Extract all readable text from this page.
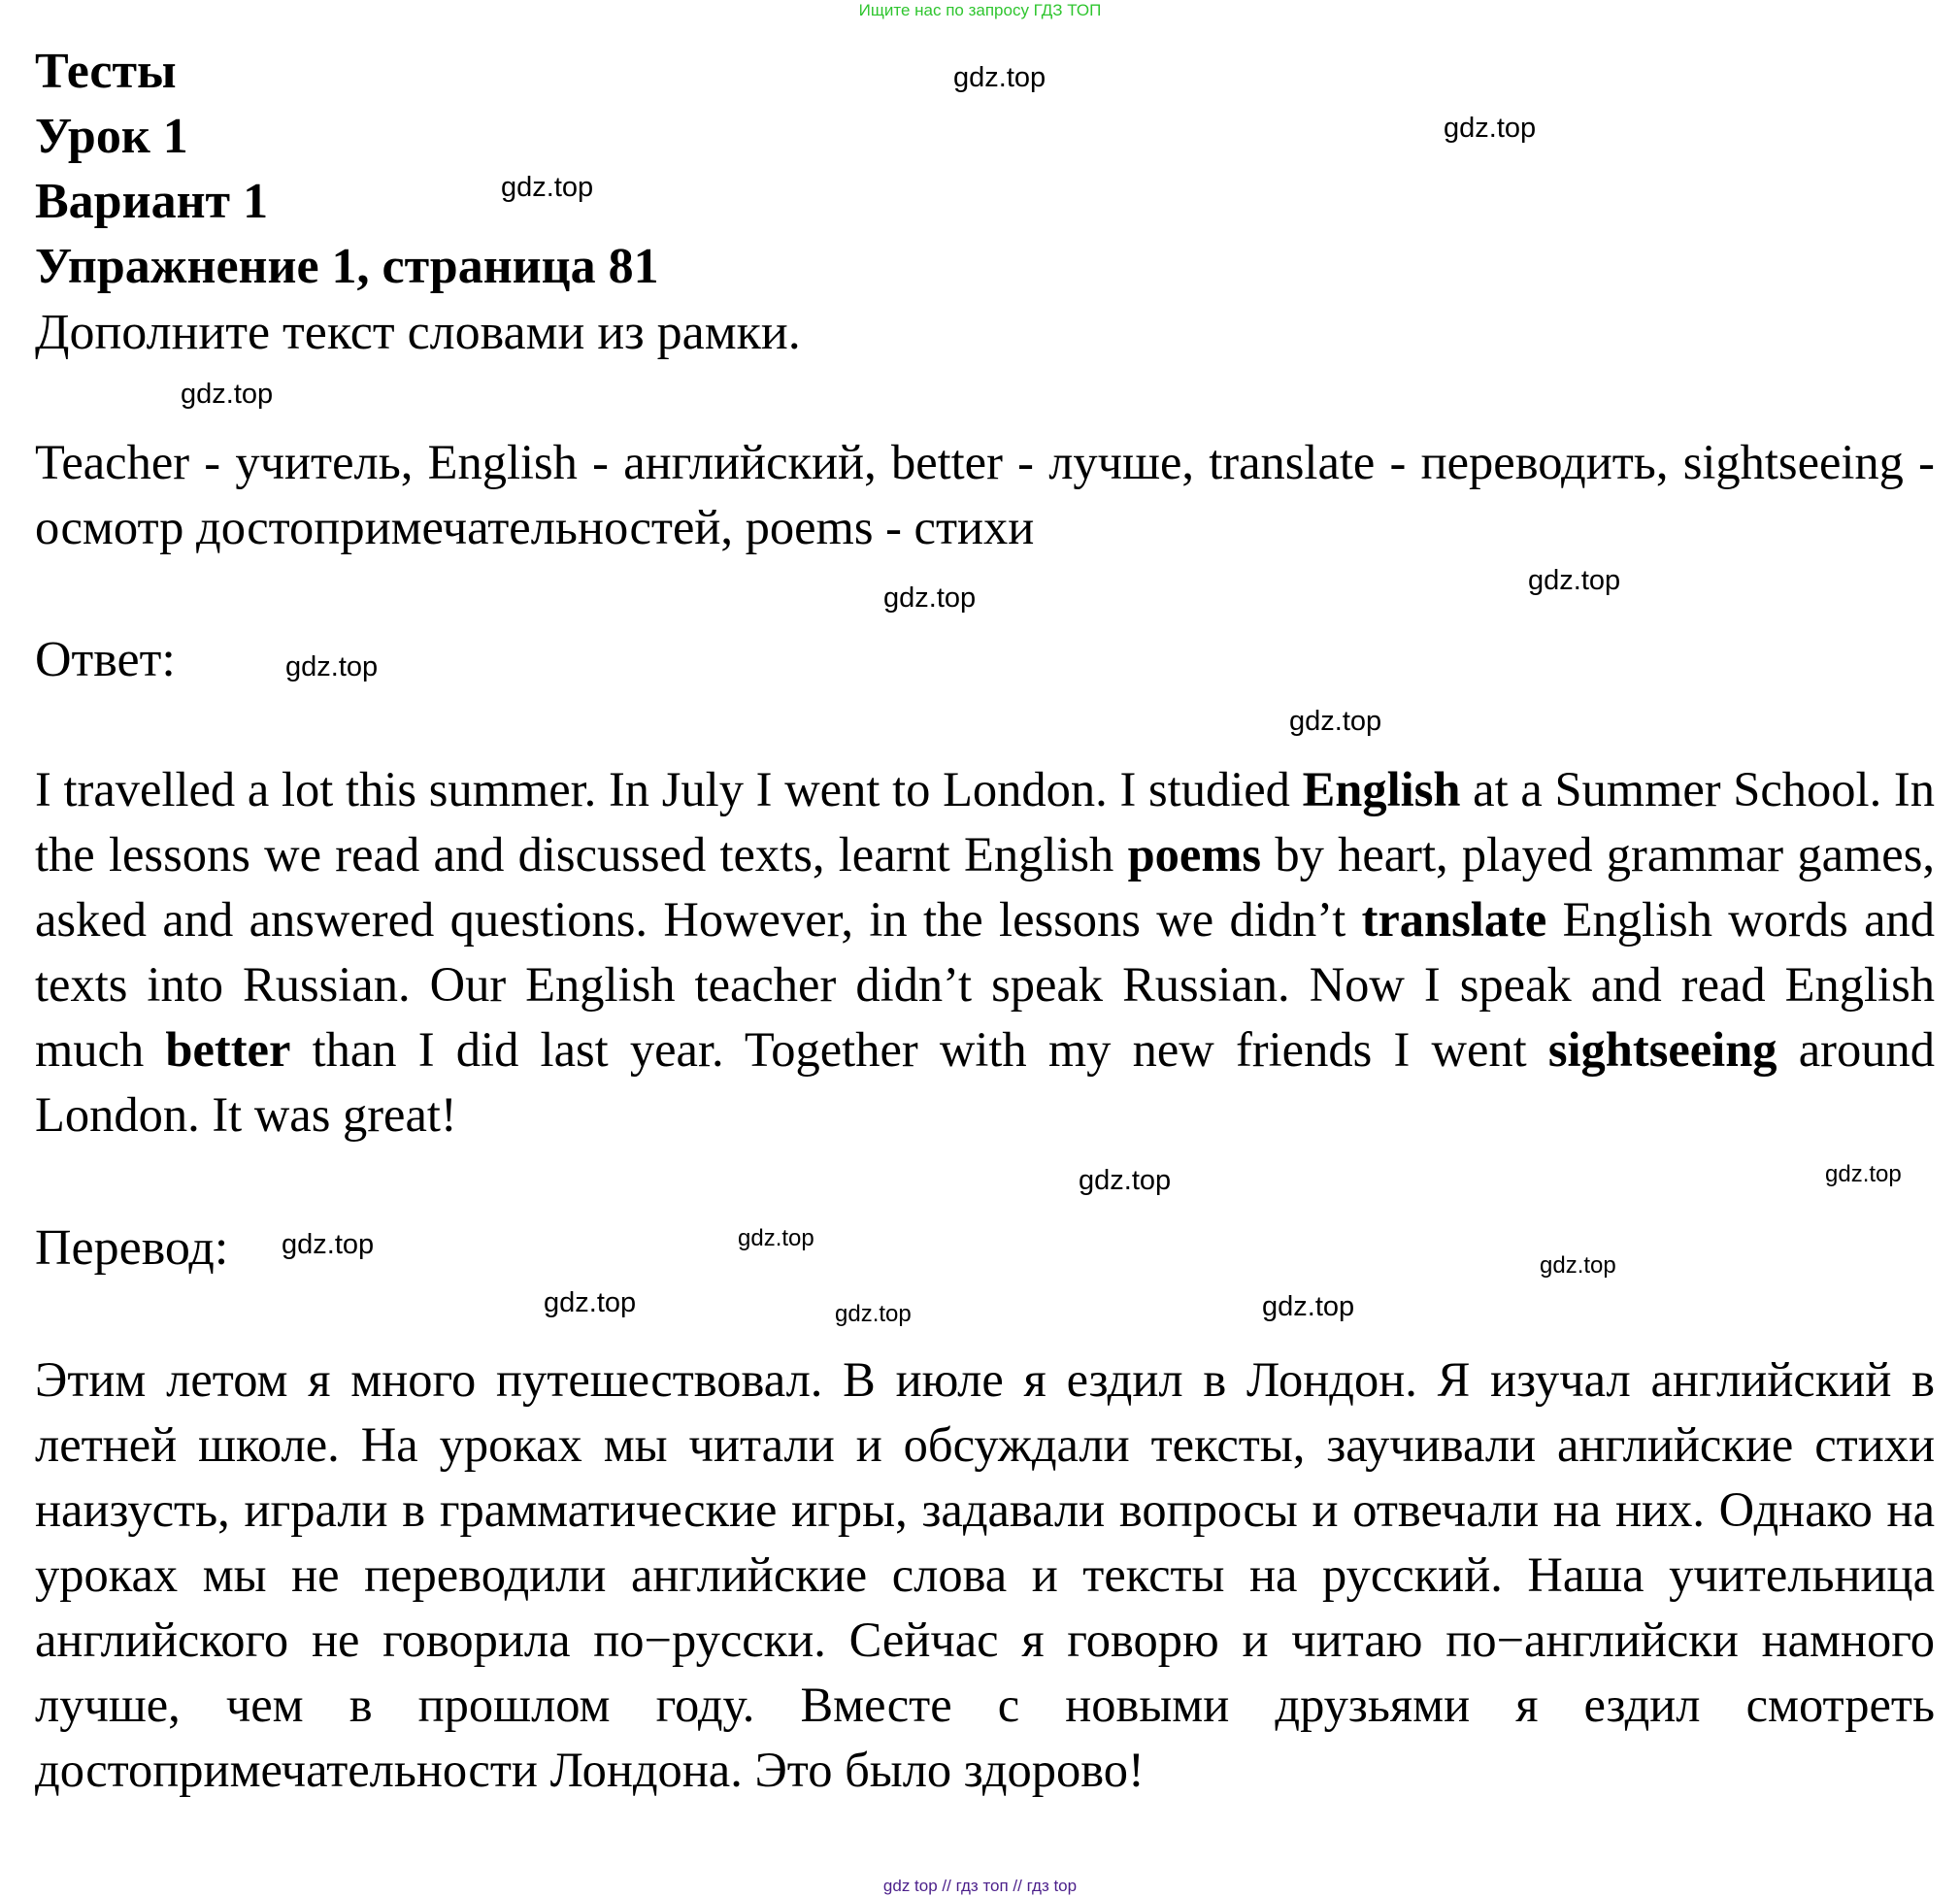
Ищите нас по запросу ГДЗ ТОП
Тесты
Урок 1
Вариант 1
Упражнение 1, страница 81

Дополните текст словами из рамки.

Teacher - учитель, English - английский, better - лучше, translate - переводить, sightseeing - осмотр достопримечательностей, poems - стихи

Ответ:

I travelled a lot this summer. In July I went to London. I studied English at a Summer School. In the lessons we read and discussed texts, learnt English poems by heart, played grammar games, asked and answered questions. However, in the lessons we didn’t translate English words and texts into Russian. Our English teacher didn’t speak Russian. Now I speak and read English much better than I did last year. Together with my new friends I went sightseeing around London. It was great!

Перевод:

Этим летом я много путешествовал. В июле я ездил в Лондон. Я изучал английский в летней школе. На уроках мы читали и обсуждали тексты, заучивали английские стихи наизусть, играли в грамматические игры, задавали вопросы и отвечали на них. Однако на уроках мы не переводили английские слова и тексты на русский. Наша учительница английского не говорила по−русски. Сейчас я говорю и читаю по−английски намного лучше, чем в прошлом году. Вместе с новыми друзьями я ездил смотреть достопримечательности Лондона. Это было здорово!

gdz.top
gdz.top
gdz.top
gdz.top
gdz.top
gdz.top
gdz.top
gdz.top
gdz.top
gdz.top
gdz.top
gdz.top
gdz.top
gdz.top
gdz.top	gdz.top
gdz top // гдз топ // гдз top
